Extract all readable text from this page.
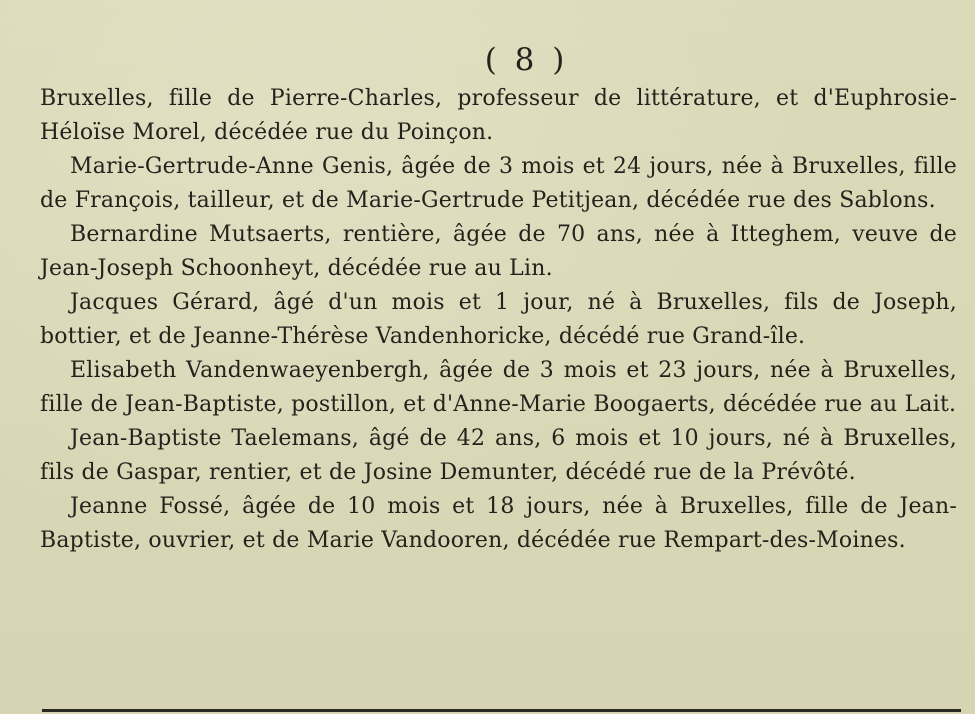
( 8 )

Bruxelles, fille de Pierre-Charles, professeur de littérature, et d'Euphrosie-Héloïse Morel, décédée rue du Poinçon.

Marie-Gertrude-Anne Genis, âgée de 3 mois et 24 jours, née à Bruxelles, fille de François, tailleur, et de Marie-Gertrude Petitjean, décédée rue des Sablons.

Bernardine Mutsaerts, rentière, âgée de 70 ans, née à Itteghem, veuve de Jean-Joseph Schoonheyt, décédée rue au Lin.

Jacques Gérard, âgé d'un mois et 1 jour, né à Bruxelles, fils de Joseph, bottier, et de Jeanne-Thérèse Vandenhoricke, décédé rue Grand-île.

Elisabeth Vandenwaeyenbergh, âgée de 3 mois et 23 jours, née à Bruxelles, fille de Jean-Baptiste, postillon, et d'Anne-Marie Boogaerts, décédée rue au Lait.

Jean-Baptiste Taelemans, âgé de 42 ans, 6 mois et 10 jours, né à Bruxelles, fils de Gaspar, rentier, et de Josine Demunter, décédé rue de la Prévôté.

Jeanne Fossé, âgée de 10 mois et 18 jours, née à Bruxelles, fille de Jean-Baptiste, ouvrier, et de Marie Vandooren, décédée rue Rempart-des-Moines.
